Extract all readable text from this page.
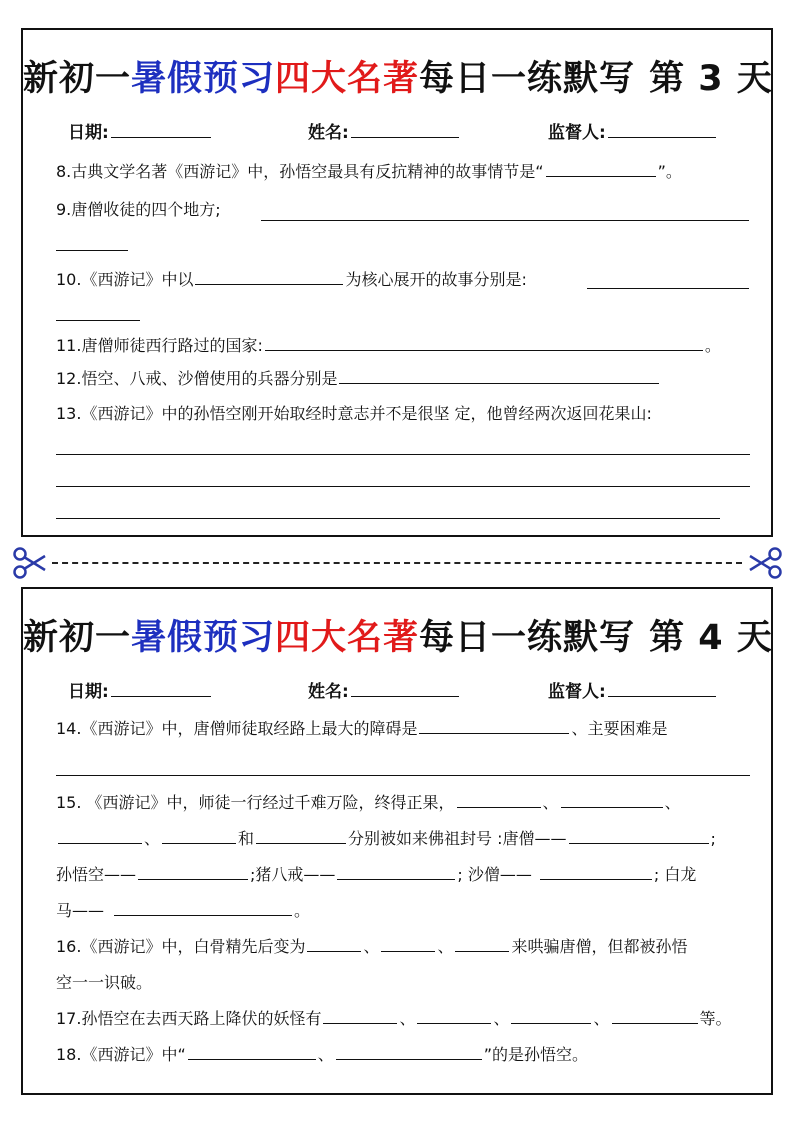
新初一暑假预习四大名著每日一练默写 第 3 天
日期:	姓名:	监督人:
8.古典文学名著《西游记》中，孙悟空最具有反抗精神的故事情节是“	”。
9.唐僧收徒的四个地方;
10.《西游记》中以	为核心展开的故事分别是:
11.唐僧师徒西行路过的国家:	。
12.悟空、八戒、沙僧使用的兵器分别是
13.《西游记》中的孙悟空刚开始取经时意志并不是很坚 定，他曾经两次返回花果山:
新初一暑假预习四大名著每日一练默写 第 4 天
日期:	姓名:	监督人:
14.《西游记》中，唐僧师徒取经路上最大的障碍是	、主要困难是
15. 《西游记》中，师徒一行经过千难万险，终得正果，	、	、
、	和	分别被如来佛祖封号 :唐僧——	;
孙悟空——	;猪八戒——	; 沙僧——	; 白龙
马——	。
16.《西游记》中，白骨精先后变为	、	、	来哄骗唐僧，但都被孙悟
空一一识破。
17.孙悟空在去西天路上降伏的妖怪有	、	、	、	等。
18.《西游记》中“	、	”的是孙悟空。
